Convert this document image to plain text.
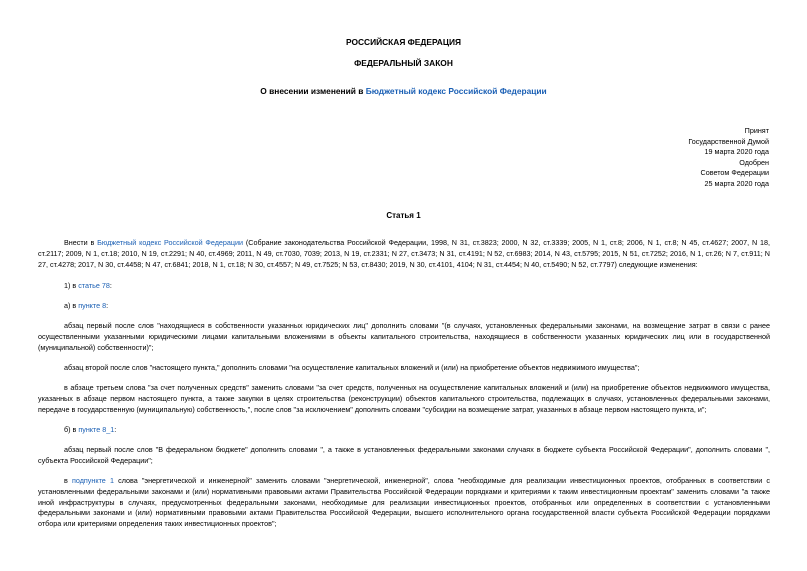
РОССИЙСКАЯ ФЕДЕРАЦИЯ
ФЕДЕРАЛЬНЫЙ ЗАКОН
О внесении изменений в Бюджетный кодекс Российской Федерации
Принят
Государственной Думой
19 марта 2020 года
Одобрен
Советом Федерации
25 марта 2020 года
Статья 1
Внести в Бюджетный кодекс Российской Федерации (Собрание законодательства Российской Федерации, 1998, N 31, ст.3823; 2000, N 32, ст.3339; 2005, N 1, ст.8; 2006, N 1, ст.8; N 45, ст.4627; 2007, N 18, ст.2117; 2009, N 1, ст.18; 2010, N 19, ст.2291; N 40, ст.4969; 2011, N 49, ст.7030, 7039; 2013, N 19, ст.2331; N 27, ст.3473; N 31, ст.4191; N 52, ст.6983; 2014, N 43, ст.5795; 2015, N 51, ст.7252; 2016, N 1, ст.26; N 7, ст.911; N 27, ст.4278; 2017, N 30, ст.4458; N 47, ст.6841; 2018, N 1, ст.18; N 30, ст.4557; N 49, ст.7525; N 53, ст.8430; 2019, N 30, ст.4101, 4104; N 31, ст.4454; N 40, ст.5490; N 52, ст.7797) следующие изменения:
1) в статье 78:
а) в пункте 8:
абзац первый после слов "находящиеся в собственности указанных юридических лиц" дополнить словами "(в случаях, установленных федеральными законами, на возмещение затрат в связи с ранее осуществленными указанными юридическими лицами капитальными вложениями в объекты капитального строительства, находящиеся в собственности указанных юридических лиц или в государственной (муниципальной) собственности)";
абзац второй после слов "настоящего пункта," дополнить словами "на осуществление капитальных вложений и (или) на приобретение объектов недвижимого имущества";
в абзаце третьем слова "за счет полученных средств" заменить словами "за счет средств, полученных на осуществление капитальных вложений и (или) на приобретение объектов недвижимого имущества, указанных в абзаце первом настоящего пункта, а также закупки в целях строительства (реконструкции) объектов капитального строительства, подлежащих в случаях, установленных федеральными законами, передаче в государственную (муниципальную) собственность,", после слов "за исключением" дополнить словами "субсидии на возмещение затрат, указанных в абзаце первом настоящего пункта, и";
б) в пункте 8_1:
абзац первый после слов "В федеральном бюджете" дополнить словами ", а также в установленных федеральными законами случаях в бюджете субъекта Российской Федерации", дополнить словами ", субъекта Российской Федерации";
в подпункте 1 слова "энергетической и инженерной" заменить словами "энергетической, инженерной", слова "необходимые для реализации инвестиционных проектов, отобранных в соответствии с установленными федеральными законами и (или) нормативными правовыми актами Правительства Российской Федерации порядками и критериями к таким инвестиционным проектам" заменить словами "а также иной инфраструктуры в случаях, предусмотренных федеральными законами, необходимые для реализации инвестиционных проектов, отобранных или определенных в соответствии с установленными федеральными законами и (или) нормативными правовыми актами Правительства Российской Федерации, высшего исполнительного органа государственной власти субъекта Российской Федерации порядками отбора или критериями определения таких инвестиционных проектов";
